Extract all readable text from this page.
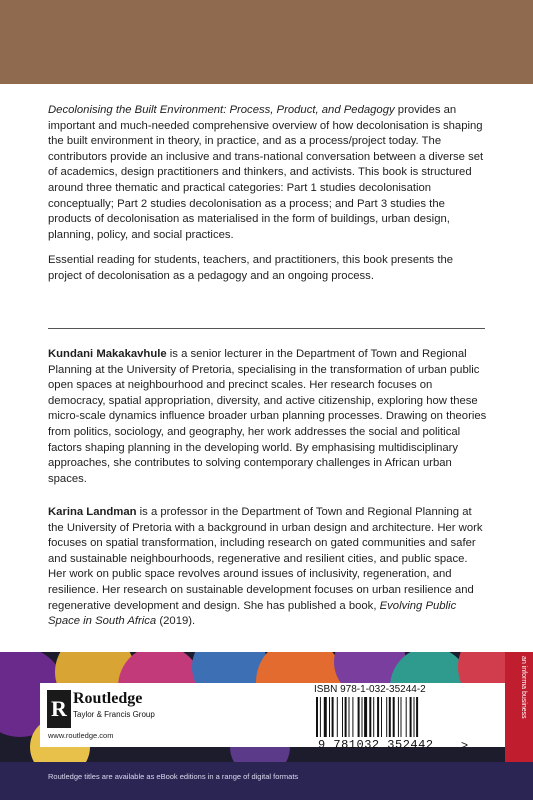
Decolonising the Built Environment: Process, Product, and Pedagogy provides an important and much-needed comprehensive overview of how decolonisation is shaping the built environment in theory, in practice, and as a process/project today. The contributors provide an inclusive and trans-national conversation between a diverse set of academics, design practitioners and thinkers, and activists. This book is structured around three thematic and practical categories: Part 1 studies decolonisation conceptually; Part 2 studies decolonisation as a process; and Part 3 studies the products of decolonisation as materialised in the form of buildings, urban design, planning, policy, and social practices.

Essential reading for students, teachers, and practitioners, this book presents the project of decolonisation as a pedagogy and an ongoing process.

Kundani Makakavhule is a senior lecturer in the Department of Town and Regional Planning at the University of Pretoria, specialising in the transformation of urban public open spaces at neighbourhood and precinct scales. Her research focuses on democracy, spatial appropriation, diversity, and active citizenship, exploring how these micro-scale dynamics influence broader urban planning processes. Drawing on theories from politics, sociology, and geography, her work addresses the social and political factors shaping planning in the developing world. By emphasising multidisciplinary approaches, she contributes to solving contemporary challenges in African urban spaces.

Karina Landman is a professor in the Department of Town and Regional Planning at the University of Pretoria with a background in urban design and architecture. Her work focuses on spatial transformation, including research on gated communities and safer and sustainable neighbourhoods, regenerative and resilient cities, and public space. Her work on public space revolves around issues of inclusivity, regeneration, and resilience. Her research on sustainable development focuses on urban resilience and regenerative development and design. She has published a book, Evolving Public Space in South Africa (2019).

R Routledge
Taylor & Francis Group
www.routledge.com
ISBN 978-1-032-35244-2
9 781032 352442 >
an informa business
Routledge titles are available as eBook editions in a range of digital formats
